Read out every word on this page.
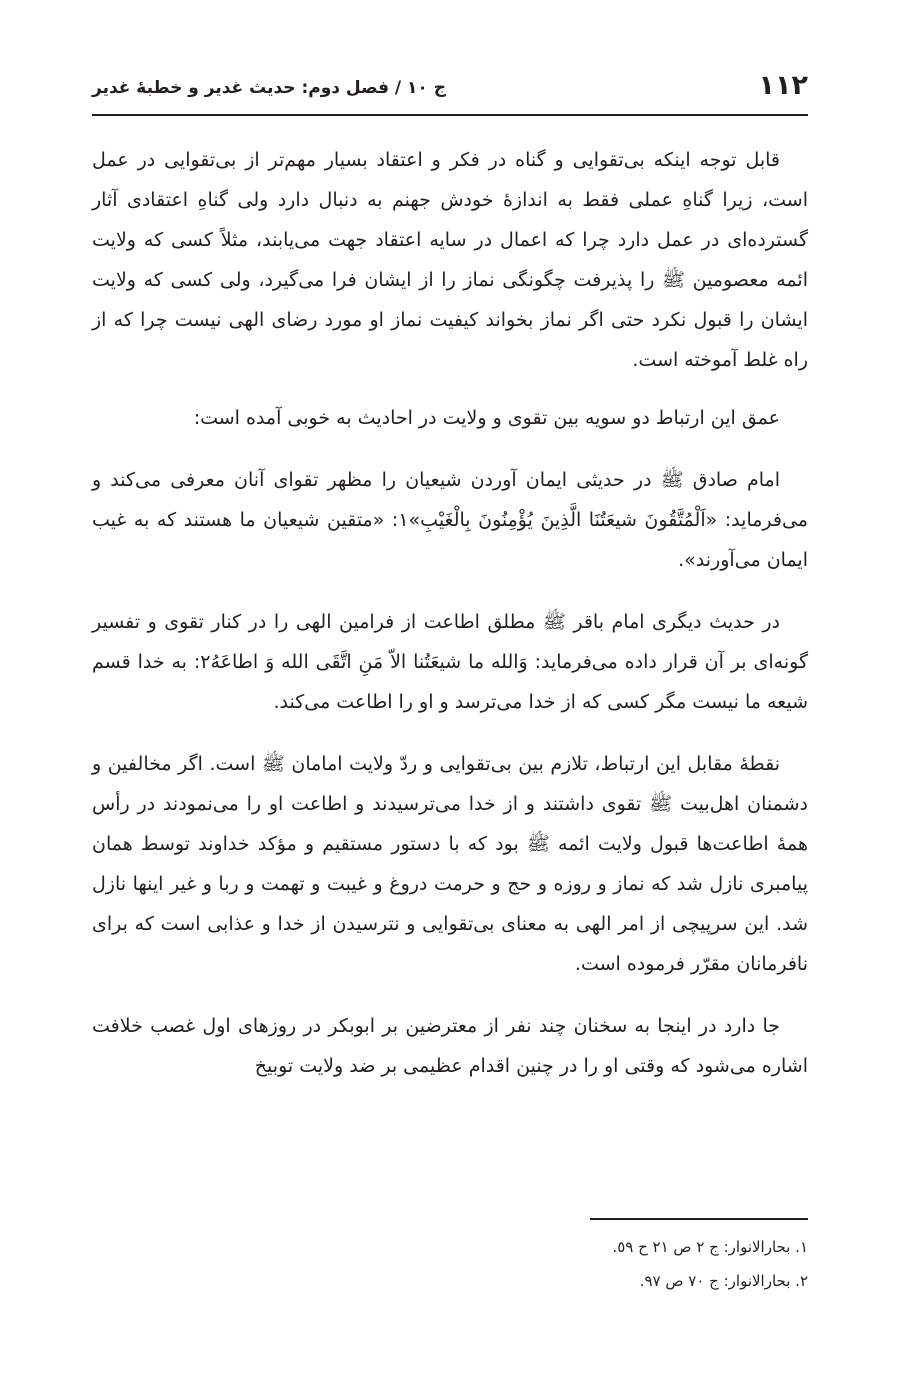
۱۱۲
ج ۱۰ / فصل دوم: حدیث غدیر و خطبهٔ غدیر

قابل توجه اینکه بی‌تقوایی و گناه در فکر و اعتقاد بسیار مهم‌تر از بی‌تقوایی در عمل است، زیرا گناهِ عملی فقط به اندازهٔ خودش جهنم به دنبال دارد ولی گناهِ اعتقادی آثار گسترده‌ای در عمل دارد چرا که اعمال در سایه اعتقاد جهت می‌یابند، مثلاً کسی که ولایت ائمه معصومین ﷺ را پذیرفت چگونگی نماز را از ایشان فرا می‌گیرد، ولی کسی که ولایت ایشان را قبول نکرد حتی اگر نماز بخواند کیفیت نماز او مورد رضای الهی نیست چرا که از راه غلط آموخته است.

عمق این ارتباط دو سویه بین تقوی و ولایت در احادیث به خوبی آمده است:

امام صادق ﷺ در حدیثی ایمان آوردن شیعیان را مظهر تقوای آنان معرفی می‌کند و می‌فرماید: «اَلْمُتَّقُونَ شیعَتُنَا الَّذِینَ یُؤْمِنُونَ بِالْغَیْبِ»١: «متقین شیعیان ما هستند که به غیب ایمان می‌آورند».

در حدیث دیگری امام باقر ﷺ مطلق اطاعت از فرامین الهی را در کنار تقوی و تفسیر گونه‌ای بر آن قرار داده می‌فرماید: وَالله ما شیعَتُنا الاّ مَنِ اتَّقَی الله وَ اطاعَهُ٢: به خدا قسم شیعه ما نیست مگر کسی که از خدا می‌ترسد و او را اطاعت می‌کند.

نقطهٔ مقابل این ارتباط، تلازم بین بی‌تقوایی و ردّ ولایت امامان ﷺ است. اگر مخالفین و دشمنان اهل‌بیت ﷺ تقوی داشتند و از خدا می‌ترسیدند و اطاعت او را می‌نمودند در رأس همهٔ اطاعت‌ها قبول ولایت ائمه ﷺ بود که با دستور مستقیم و مؤکد خداوند توسط همان پیامبری نازل شد که نماز و روزه و حج و حرمت دروغ و غیبت و تهمت و ربا و غیر اینها نازل شد. این سرپیچی از امر الهی به معنای بی‌تقوایی و نترسیدن از خدا و عذابی است که برای نافرمانان مقرّر فرموده است.

جا دارد در اینجا به سخنان چند نفر از معترضین بر ابوبکر در روزهای اول غصب خلافت اشاره می‌شود که وقتی او را در چنین اقدام عظیمی بر ضد ولایت توبیخ

١. بحارالانوار: ج ٢ ص ٢١ ح ٥٩.
٢. بحارالانوار: ج ٧٠ ص ٩٧.
